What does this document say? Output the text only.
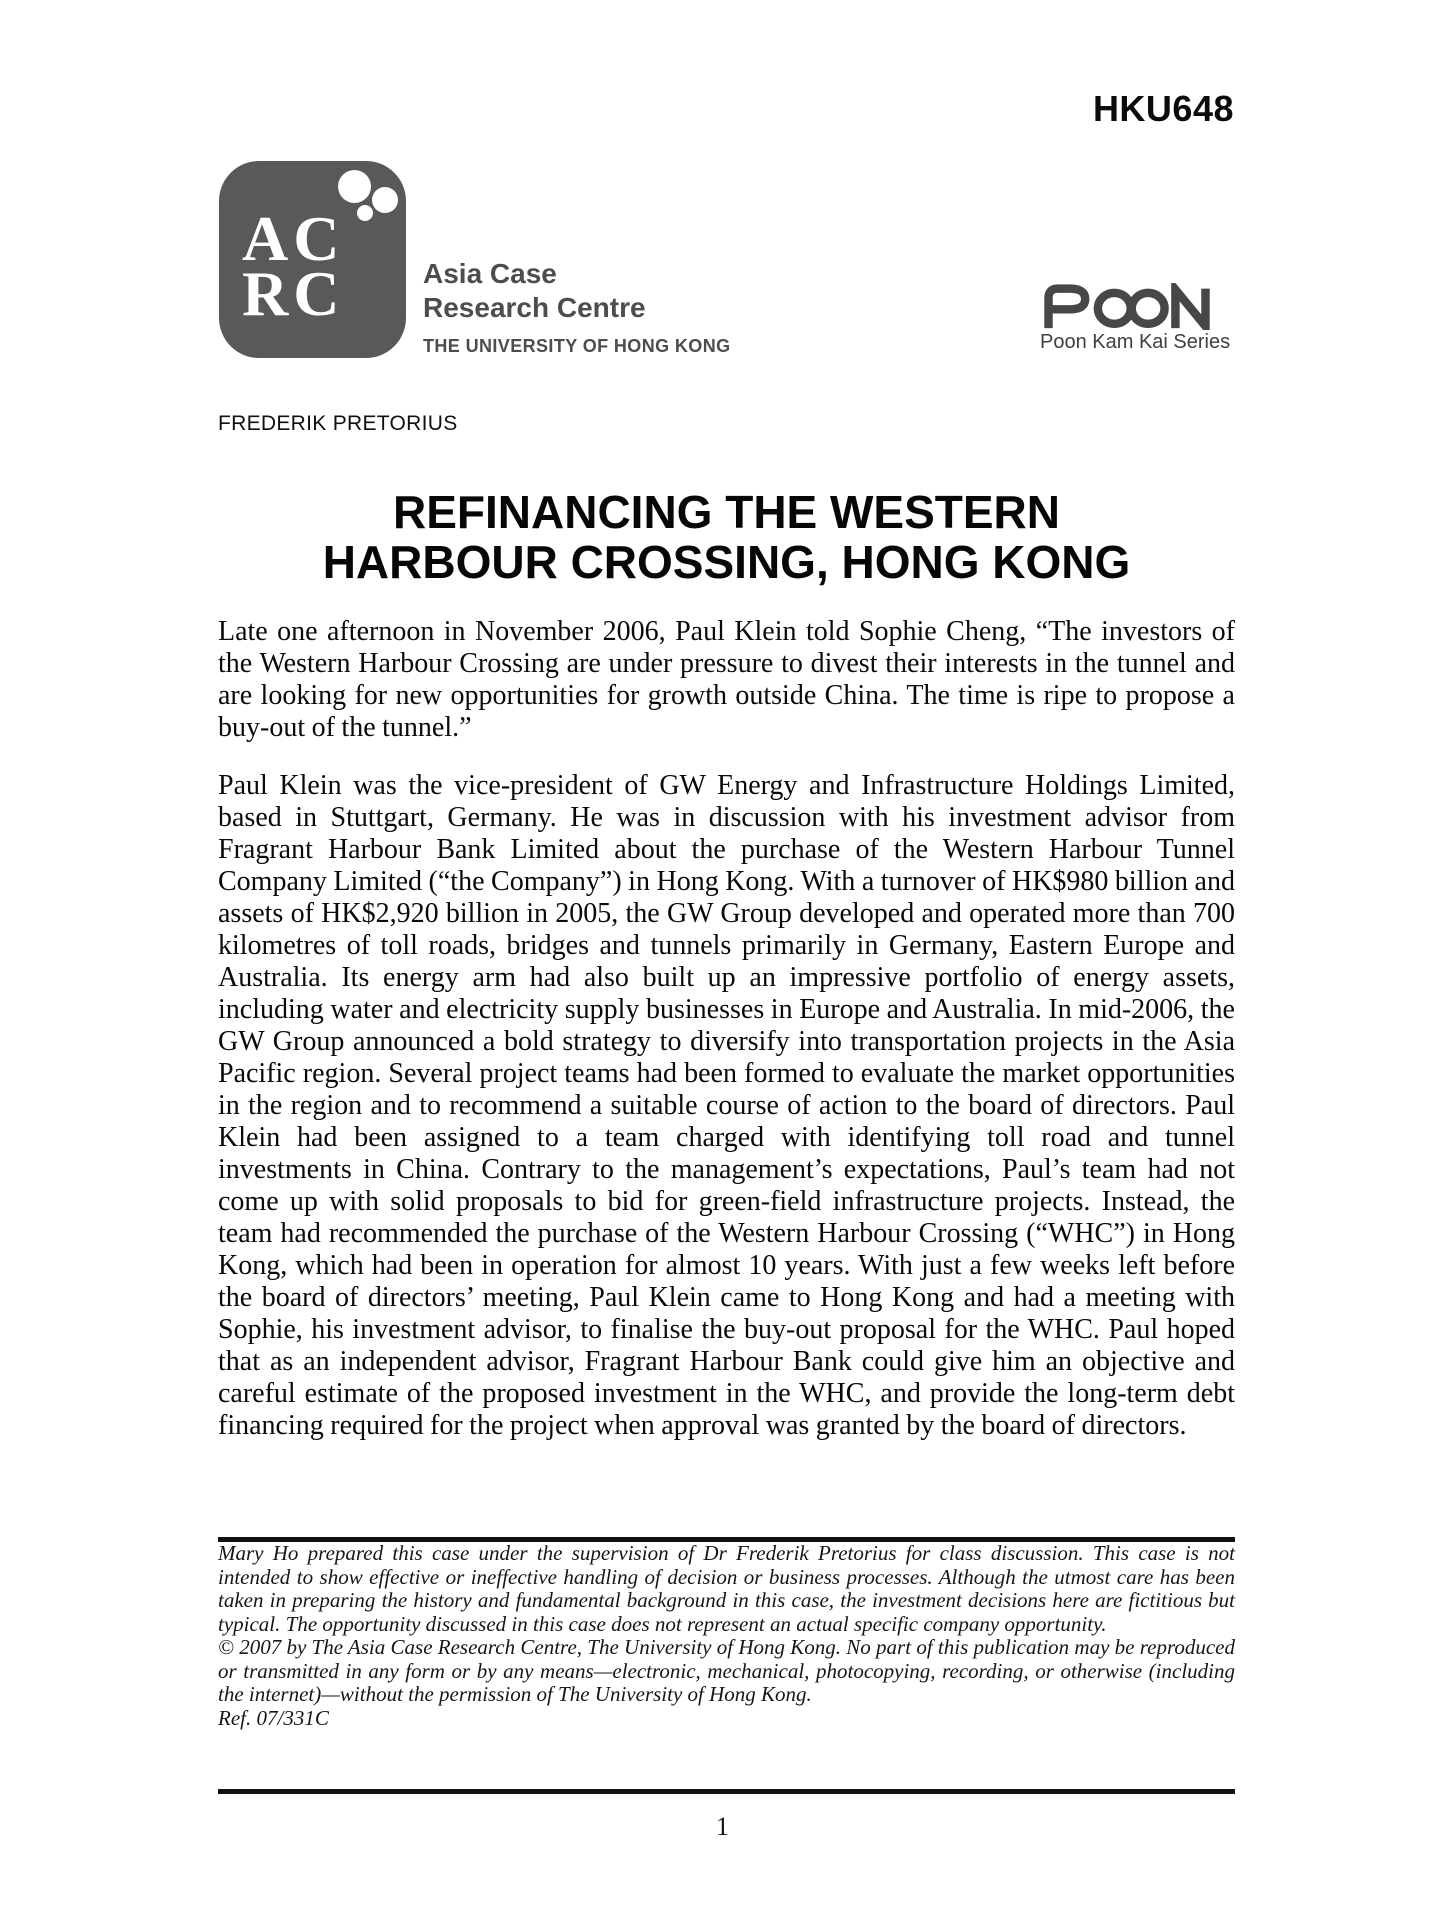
HKU648
AC
RC	Asia Case
Research Centre
THE UNIVERSITY OF HONG KONG	Poon Kam Kai Series
FREDERIK PRETORIUS
REFINANCING THE WESTERN
HARBOUR CROSSING, HONG KONG

Late one afternoon in November 2006, Paul Klein told Sophie Cheng, “The investors of the Western Harbour Crossing are under pressure to divest their interests in the tunnel and are looking for new opportunities for growth outside China. The time is ripe to propose a buy-out of the tunnel.”

Paul Klein was the vice-president of GW Energy and Infrastructure Holdings Limited, based in Stuttgart, Germany. He was in discussion with his investment advisor from Fragrant Harbour Bank Limited about the purchase of the Western Harbour Tunnel Company Limited (“the Company”) in Hong Kong. With a turnover of HK$980 billion and assets of HK$2,920 billion in 2005, the GW Group developed and operated more than 700 kilometres of toll roads, bridges and tunnels primarily in Germany, Eastern Europe and Australia. Its energy arm had also built up an impressive portfolio of energy assets, including water and electricity supply businesses in Europe and Australia. In mid-2006, the GW Group announced a bold strategy to diversify into transportation projects in the Asia Pacific region. Several project teams had been formed to evaluate the market opportunities in the region and to recommend a suitable course of action to the board of directors. Paul Klein had been assigned to a team charged with identifying toll road and tunnel investments in China. Contrary to the management’s expectations, Paul’s team had not come up with solid proposals to bid for green-field infrastructure projects. Instead, the team had recommended the purchase of the Western Harbour Crossing (“WHC”) in Hong Kong, which had been in operation for almost 10 years. With just a few weeks left before the board of directors’ meeting, Paul Klein came to Hong Kong and had a meeting with Sophie, his investment advisor, to finalise the buy-out proposal for the WHC. Paul hoped that as an independent advisor, Fragrant Harbour Bank could give him an objective and careful estimate of the proposed investment in the WHC, and provide the long-term debt financing required for the project when approval was granted by the board of directors.

Mary Ho prepared this case under the supervision of Dr Frederik Pretorius for class discussion. This case is not intended to show effective or ineffective handling of decision or business processes. Although the utmost care has been taken in preparing the history and fundamental background in this case, the investment decisions here are fictitious but typical. The opportunity discussed in this case does not represent an actual specific company opportunity.

© 2007 by The Asia Case Research Centre, The University of Hong Kong. No part of this publication may be reproduced or transmitted in any form or by any means—electronic, mechanical, photocopying, recording, or otherwise (including the internet)—without the permission of The University of Hong Kong.

Ref. 07/331C

1
